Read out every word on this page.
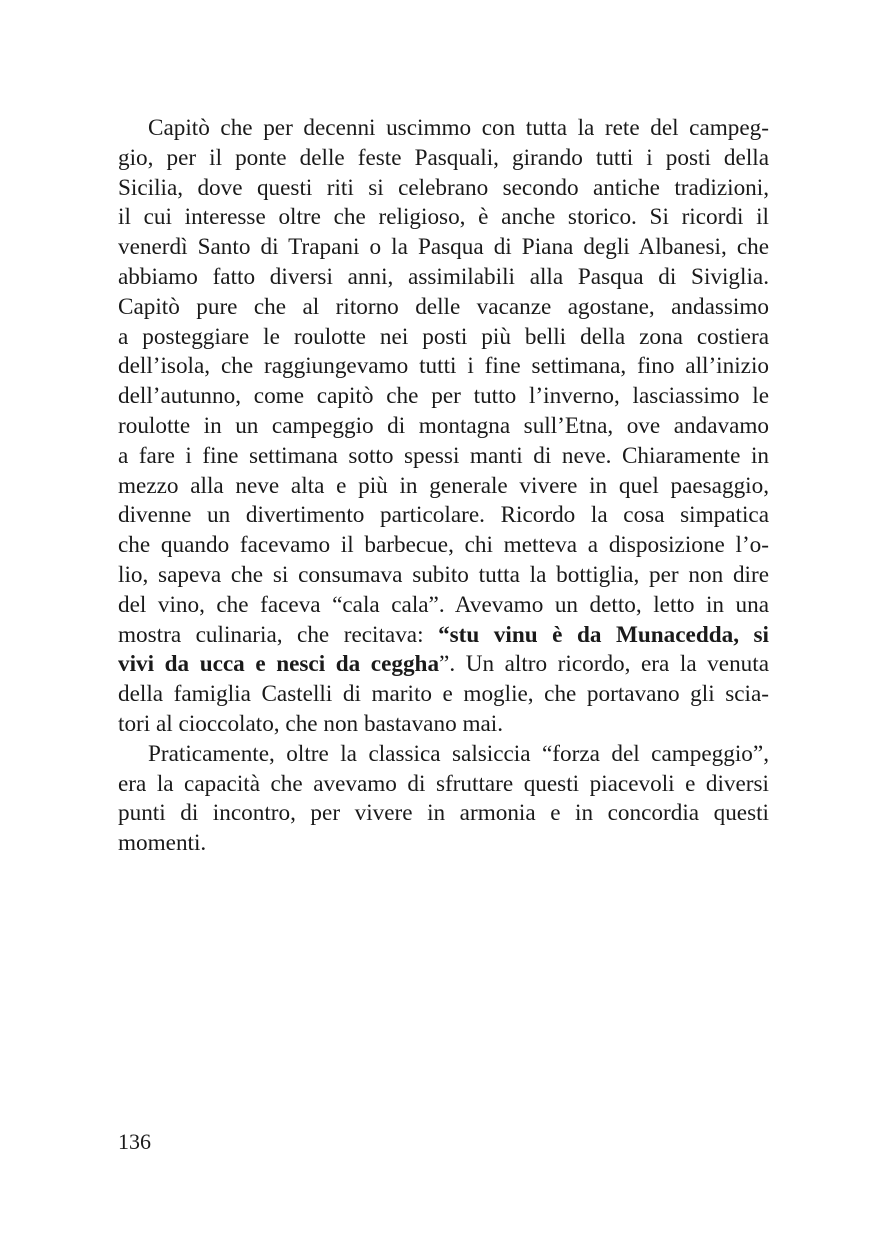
Capitò che per decenni uscimmo con tutta la rete del campeg-
gio, per il ponte delle feste Pasquali, girando tutti i posti della
Sicilia, dove questi riti si celebrano secondo antiche tradizioni,
il cui interesse oltre che religioso, è anche storico. Si ricordi il
venerdì Santo di Trapani o la Pasqua di Piana degli Albanesi, che
abbiamo fatto diversi anni, assimilabili alla Pasqua di Siviglia.
Capitò pure che al ritorno delle vacanze agostane, andassimo
a posteggiare le roulotte nei posti più belli della zona costiera
dell’isola, che raggiungevamo tutti i fine settimana, fino all’inizio
dell’autunno, come capitò che per tutto l’inverno, lasciassimo le
roulotte in un campeggio di montagna sull’Etna, ove andavamo
a fare i fine settimana sotto spessi manti di neve. Chiaramente in
mezzo alla neve alta e più in generale vivere in quel paesaggio,
divenne un divertimento particolare. Ricordo la cosa simpatica
che quando facevamo il barbecue, chi metteva a disposizione l’o-
lio, sapeva che si consumava subito tutta la bottiglia, per non dire
del vino, che faceva “cala cala”. Avevamo un detto, letto in una
mostra culinaria, che recitava: “stu vinu è da Munacedda, si
vivi da ucca e nesci da ceggha”. Un altro ricordo, era la venuta
della famiglia Castelli di marito e moglie, che portavano gli scia-
tori al cioccolato, che non bastavano mai.
Praticamente, oltre la classica salsiccia “forza del campeggio”,
era la capacità che avevamo di sfruttare questi piacevoli e diversi
punti di incontro, per vivere in armonia e in concordia questi
momenti.

136
